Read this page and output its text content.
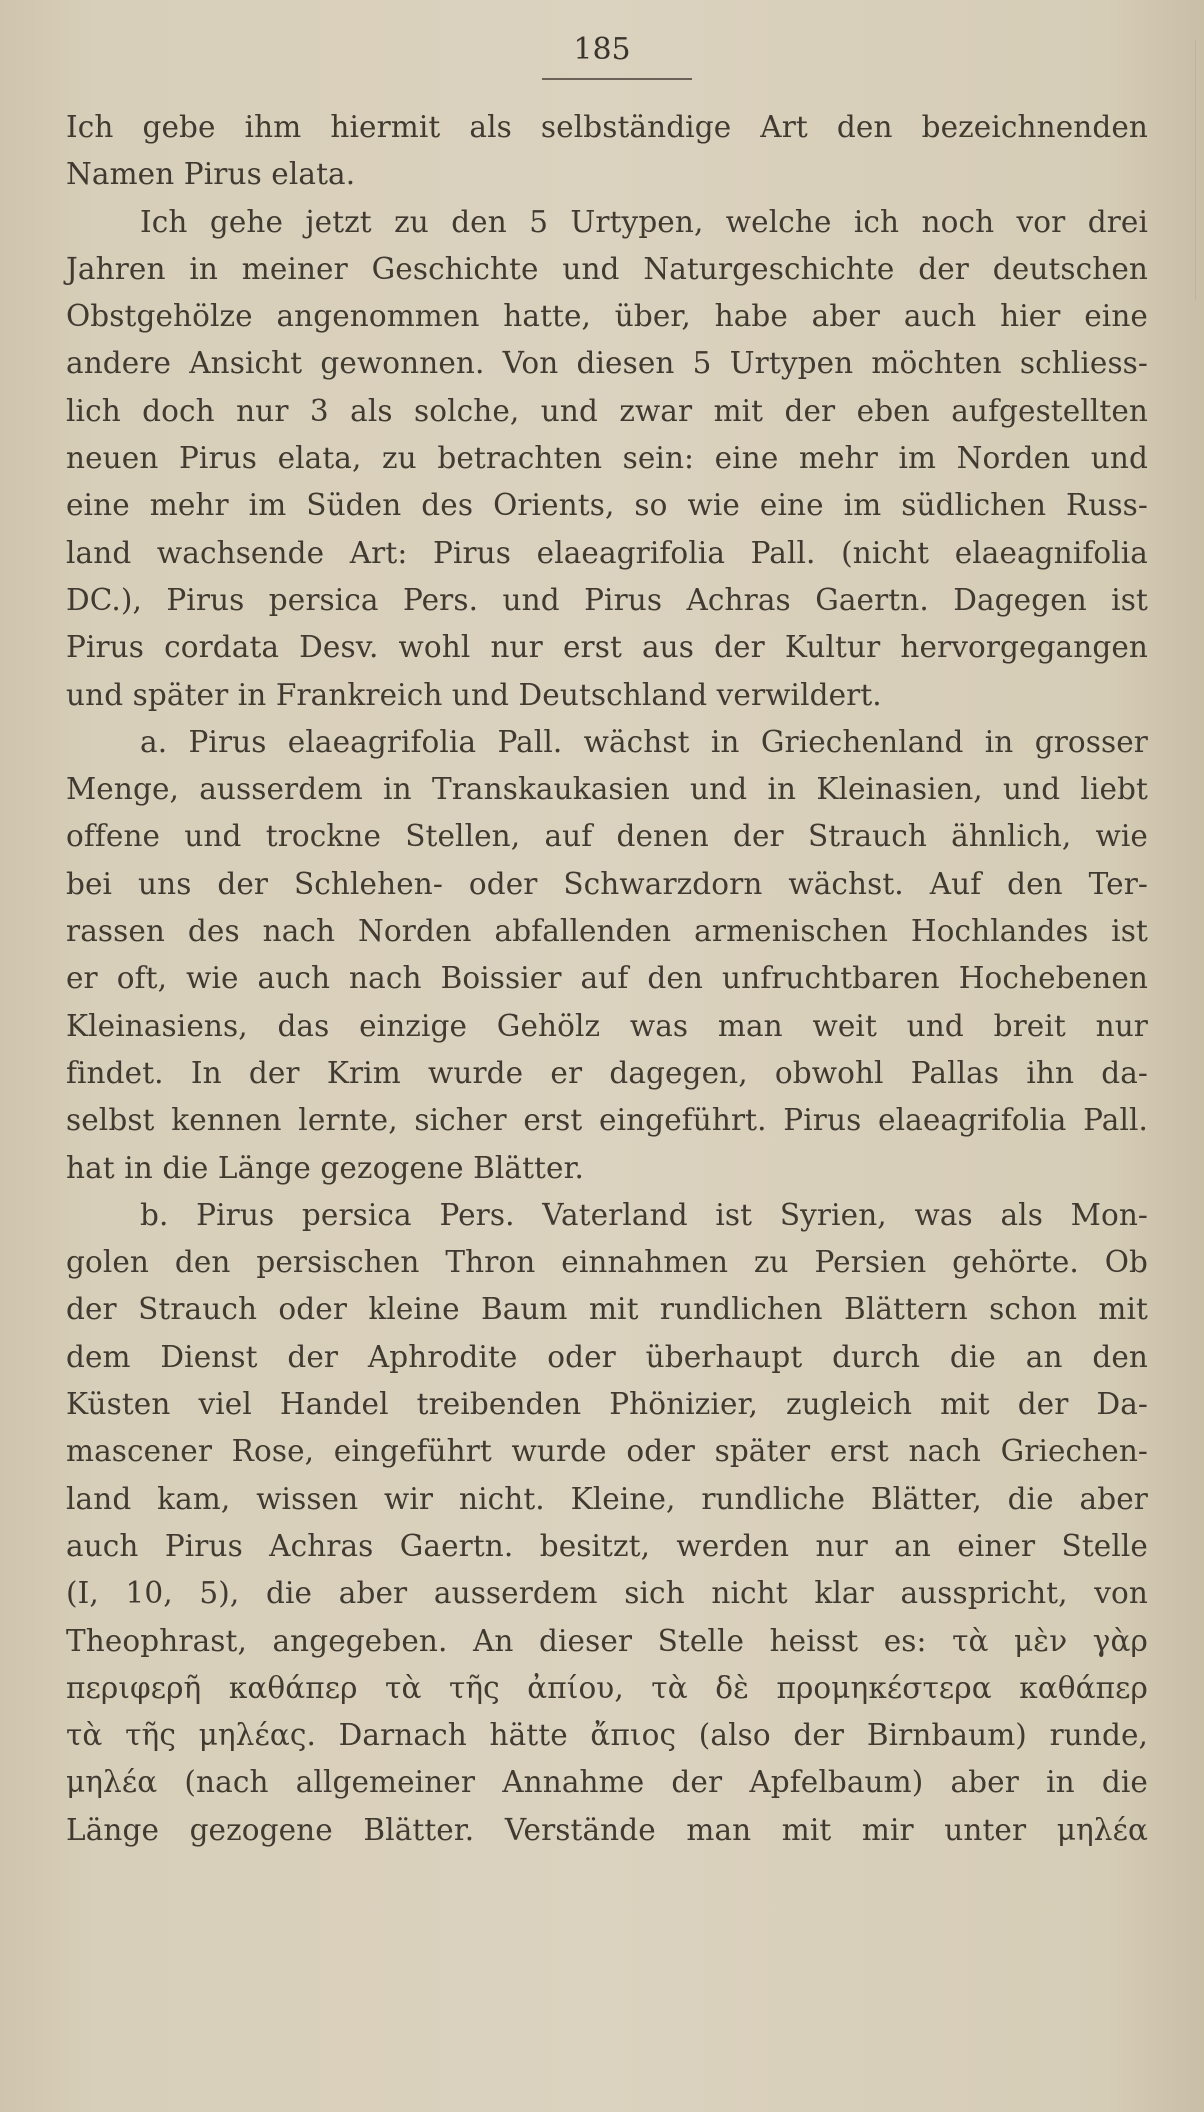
185
Ich gebe ihm hiermit als selbständige Art den bezeichnenden
Namen Pirus elata.
Ich gehe jetzt zu den 5 Urtypen, welche ich noch vor drei
Jahren in meiner Geschichte und Naturgeschichte der deutschen
Obstgehölze angenommen hatte, über, habe aber auch hier eine
andere Ansicht gewonnen. Von diesen 5 Urtypen möchten schliess-
lich doch nur 3 als solche, und zwar mit der eben aufgestellten
neuen Pirus elata, zu betrachten sein: eine mehr im Norden und
eine mehr im Süden des Orients, so wie eine im südlichen Russ-
land wachsende Art: Pirus elaeagrifolia Pall. (nicht elaeagnifolia
DC.), Pirus persica Pers. und Pirus Achras Gaertn. Dagegen ist
Pirus cordata Desv. wohl nur erst aus der Kultur hervorgegangen
und später in Frankreich und Deutschland verwildert.
a. Pirus elaeagrifolia Pall. wächst in Griechenland in grosser
Menge, ausserdem in Transkaukasien und in Kleinasien, und liebt
offene und trockne Stellen, auf denen der Strauch ähnlich, wie
bei uns der Schlehen- oder Schwarzdorn wächst. Auf den Ter-
rassen des nach Norden abfallenden armenischen Hochlandes ist
er oft, wie auch nach Boissier auf den unfruchtbaren Hochebenen
Kleinasiens, das einzige Gehölz was man weit und breit nur
findet. In der Krim wurde er dagegen, obwohl Pallas ihn da-
selbst kennen lernte, sicher erst eingeführt. Pirus elaeagrifolia Pall.
hat in die Länge gezogene Blätter.
b. Pirus persica Pers. Vaterland ist Syrien, was als Mon-
golen den persischen Thron einnahmen zu Persien gehörte. Ob
der Strauch oder kleine Baum mit rundlichen Blättern schon mit
dem Dienst der Aphrodite oder überhaupt durch die an den
Küsten viel Handel treibenden Phönizier, zugleich mit der Da-
mascener Rose, eingeführt wurde oder später erst nach Griechen-
land kam, wissen wir nicht. Kleine, rundliche Blätter, die aber
auch Pirus Achras Gaertn. besitzt, werden nur an einer Stelle
(I, 10, 5), die aber ausserdem sich nicht klar ausspricht, von
Theophrast, angegeben. An dieser Stelle heisst es: τὰ μὲν γὰρ
περιφερῆ καθάπερ τὰ τῆς ἀπίου, τὰ δὲ προμηκέστερα καθάπερ
τὰ τῆς μηλέας. Darnach hätte ἄπιος (also der Birnbaum) runde,
μηλέα (nach allgemeiner Annahme der Apfelbaum) aber in die
Länge gezogene Blätter. Verstände man mit mir unter μηλέα
